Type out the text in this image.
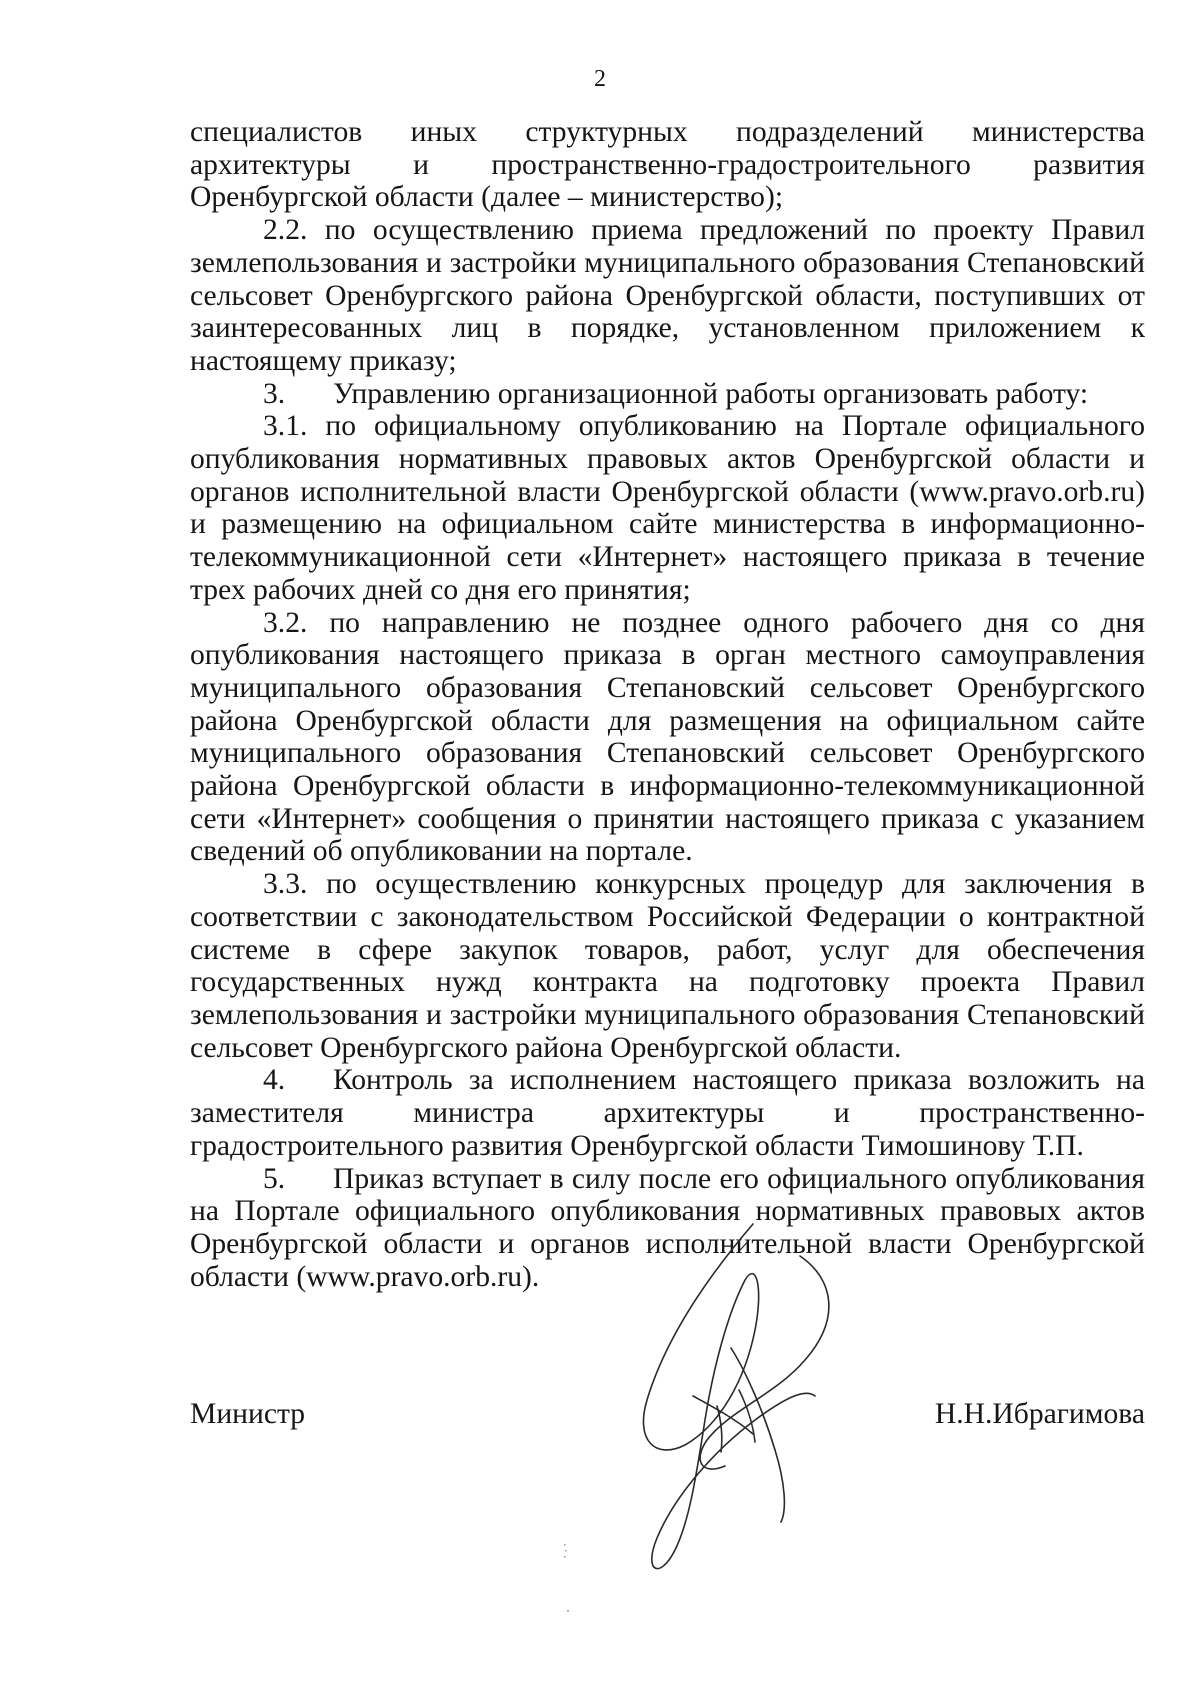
2

специалистов иных структурных подразделений министерства архитектуры и пространственно-градостроительного развития Оренбургской области (далее – министерство);

2.2. по осуществлению приема предложений по проекту Правил землепользования и застройки муниципального образования Степановский сельсовет Оренбургского района Оренбургской области, поступивших от заинтересованных лиц в порядке, установленном приложением к настоящему приказу;

3. Управлению организационной работы организовать работу:

3.1. по официальному опубликованию на Портале официального опубликования нормативных правовых актов Оренбургской области и органов исполнительной власти Оренбургской области (www.pravo.orb.ru) и размещению на официальном сайте министерства в информационно-телекоммуникационной сети «Интернет» настоящего приказа в течение трех рабочих дней со дня его принятия;

3.2. по направлению не позднее одного рабочего дня со дня опубликования настоящего приказа в орган местного самоуправления муниципального образования Степановский сельсовет Оренбургского района Оренбургской области для размещения на официальном сайте муниципального образования Степановский сельсовет Оренбургского района Оренбургской области в информационно-телекоммуникационной сети «Интернет» сообщения о принятии настоящего приказа с указанием сведений об опубликовании на портале.

3.3. по осуществлению конкурсных процедур для заключения в соответствии с законодательством Российской Федерации о контрактной системе в сфере закупок товаров, работ, услуг для обеспечения государственных нужд контракта на подготовку проекта Правил землепользования и застройки муниципального образования Степановский сельсовет Оренбургского района Оренбургской области.

4. Контроль за исполнением настоящего приказа возложить на заместителя министра архитектуры и пространственно-градостроительного развития Оренбургской области Тимошинову Т.П.

5. Приказ вступает в силу после его официального опубликования на Портале официального опубликования нормативных правовых актов Оренбургской области и органов исполнительной власти Оренбургской области (www.pravo.orb.ru).

Министр	Н.Н.Ибрагимова
